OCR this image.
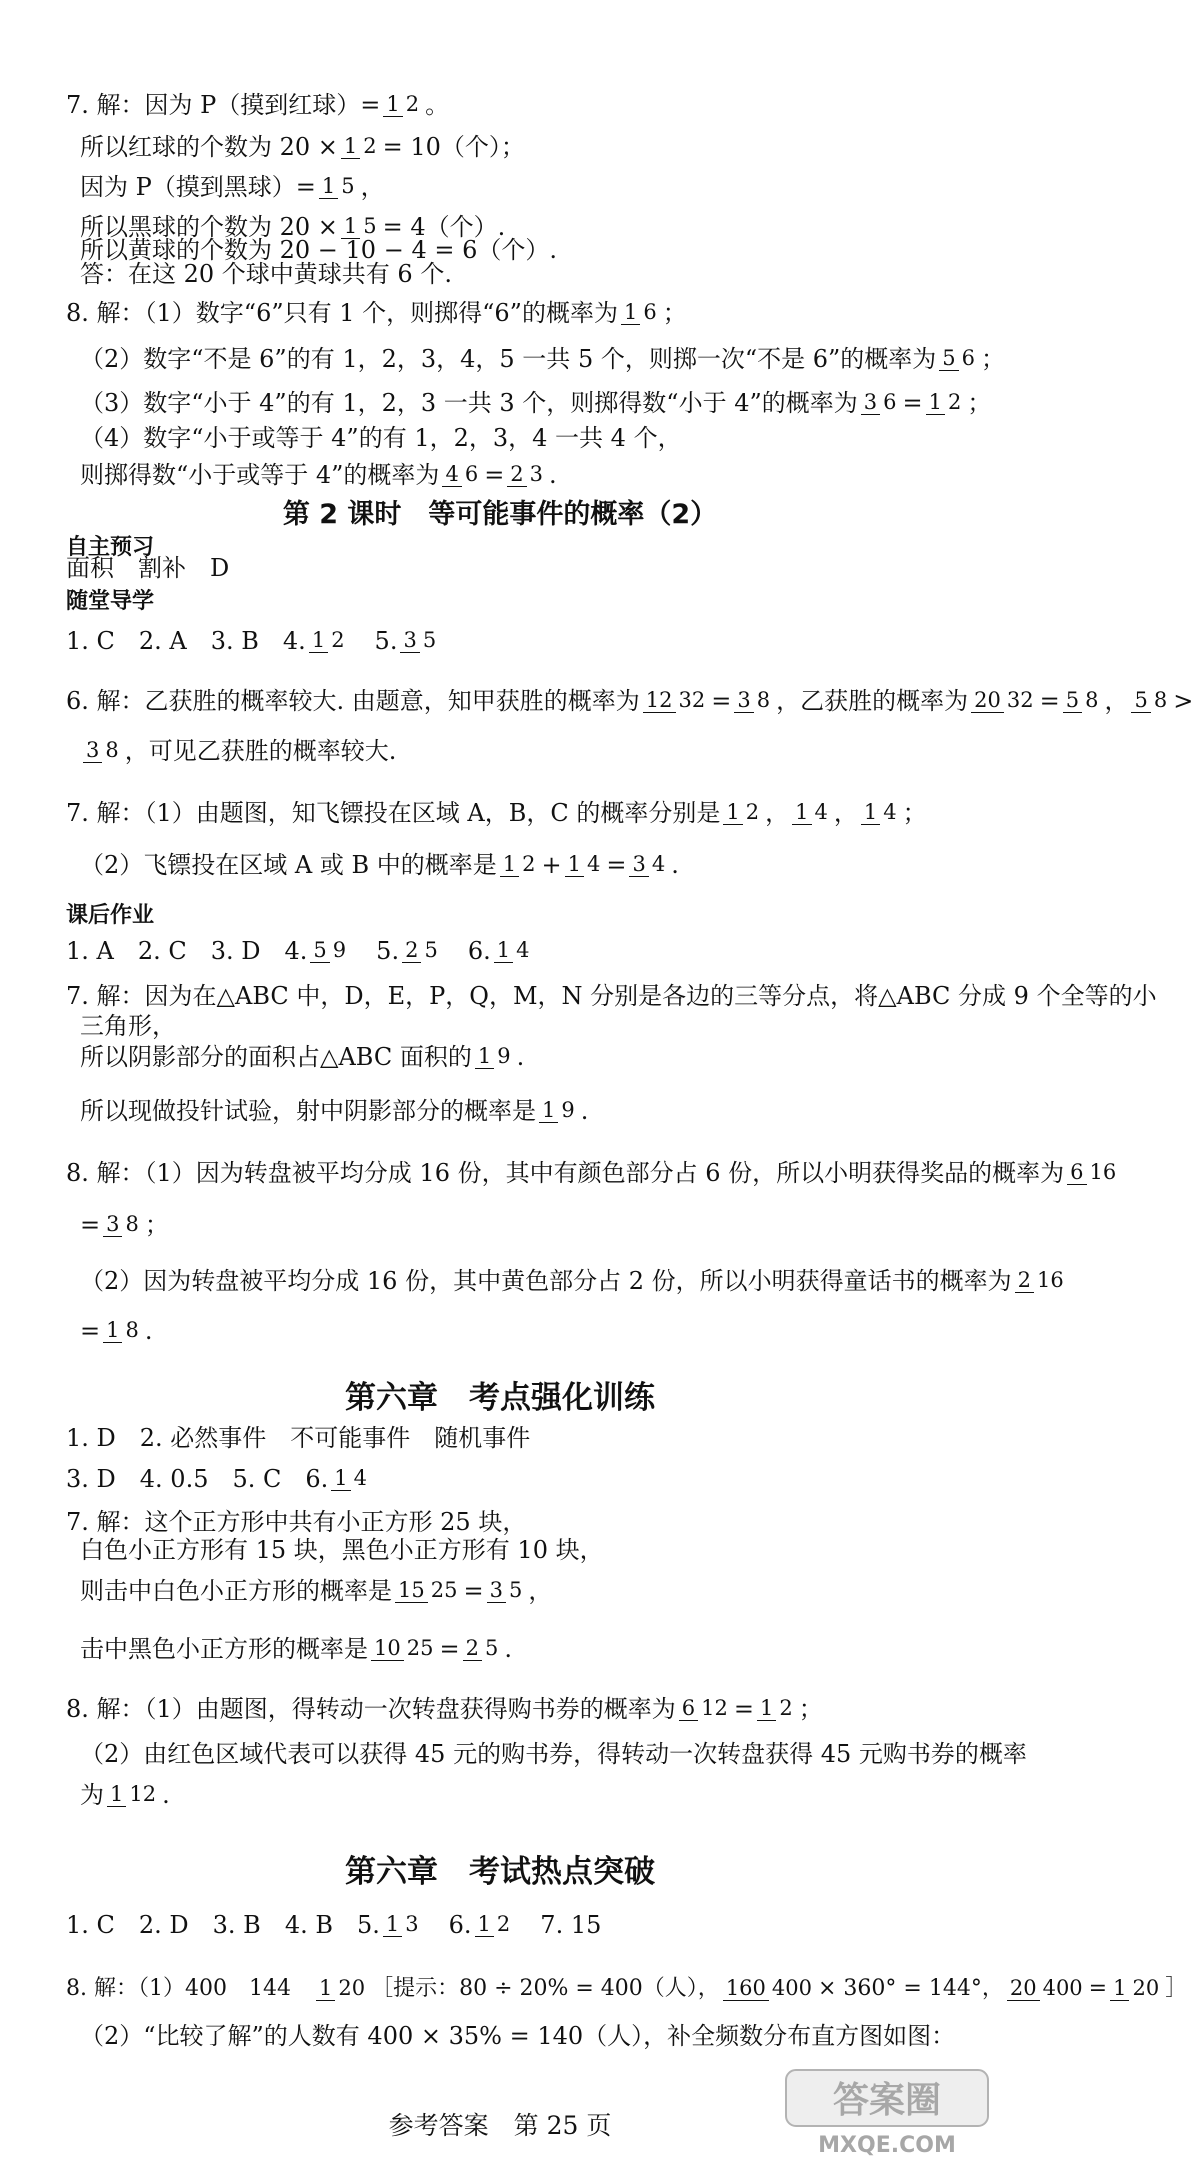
7. 解：因为 P（摸到红球）= 1 2 。
所以红球的个数为 20 × 1 2 = 10（个）；
因为 P（摸到黑球）= 1 5 ，
所以黑球的个数为 20 × 1 5 = 4（个）.
所以黄球的个数为 20 − 10 − 4 = 6（个）.
答：在这 20 个球中黄球共有 6 个.
8. 解：（1）数字“6”只有 1 个，则掷得“6”的概率为 1 6 ；
（2）数字“不是 6”的有 1，2，3，4，5 一共 5 个，则掷一次“不是 6”的概率为 5 6 ；
（3）数字“小于 4”的有 1，2，3 一共 3 个，则掷得数“小于 4”的概率为 3 6 = 1 2 ；
（4）数字“小于或等于 4”的有 1，2，3，4 一共 4 个，
则掷得数“小于或等于 4”的概率为 4 6 = 2 3 .
第 2 课时　等可能事件的概率（2）
自主预习
面积　割补　D
随堂导学
1. C　2. A　3. B　4. 1 2 　5. 3 5
6. 解：乙获胜的概率较大. 由题意，知甲获胜的概率为 12 32 = 3 8 ，乙获胜的概率为 20 32 = 5 8 ， 5 8 >
3 8 ，可见乙获胜的概率较大.
7. 解：（1）由题图，知飞镖投在区域 A，B，C 的概率分别是 1 2 ， 1 4 ， 1 4 ；
（2）飞镖投在区域 A 或 B 中的概率是 1 2 + 1 4 = 3 4 .
课后作业
1. A　2. C　3. D　4. 5 9 　5. 2 5 　6. 1 4
7. 解：因为在△ABC 中，D，E，P，Q，M，N 分别是各边的三等分点，将△ABC 分成 9 个全等的小
三角形，
所以阴影部分的面积占△ABC 面积的 1 9 .
所以现做投针试验，射中阴影部分的概率是 1 9 .
8. 解：（1）因为转盘被平均分成 16 份，其中有颜色部分占 6 份，所以小明获得奖品的概率为 6 16
= 3 8 ；
（2）因为转盘被平均分成 16 份，其中黄色部分占 2 份，所以小明获得童话书的概率为 2 16
= 1 8 .
第六章　考点强化训练
1. D　2. 必然事件　不可能事件　随机事件
3. D　4. 0.5　5. C　6. 1 4
7. 解：这个正方形中共有小正方形 25 块，
白色小正方形有 15 块，黑色小正方形有 10 块，
则击中白色小正方形的概率是 15 25 = 3 5 ，
击中黑色小正方形的概率是 10 25 = 2 5 .
8. 解：（1）由题图，得转动一次转盘获得购书券的概率为 6 12 = 1 2 ；
（2）由红色区域代表可以获得 45 元的购书券，得转动一次转盘获得 45 元购书券的概率
为 1 12 .
第六章　考试热点突破
1. C　2. D　3. B　4. B　5. 1 3 　6. 1 2 　7. 15
8. 解：（1）400　144　 1 20 ［提示：80 ÷ 20% = 400（人）， 160 400 × 360° = 144°， 20 400 = 1 20 ］
（2）“比较了解”的人数有 400 × 35% = 140（人），补全频数分布直方图如图：
参考答案　第 25 页
答案圈
MXQE.COM
